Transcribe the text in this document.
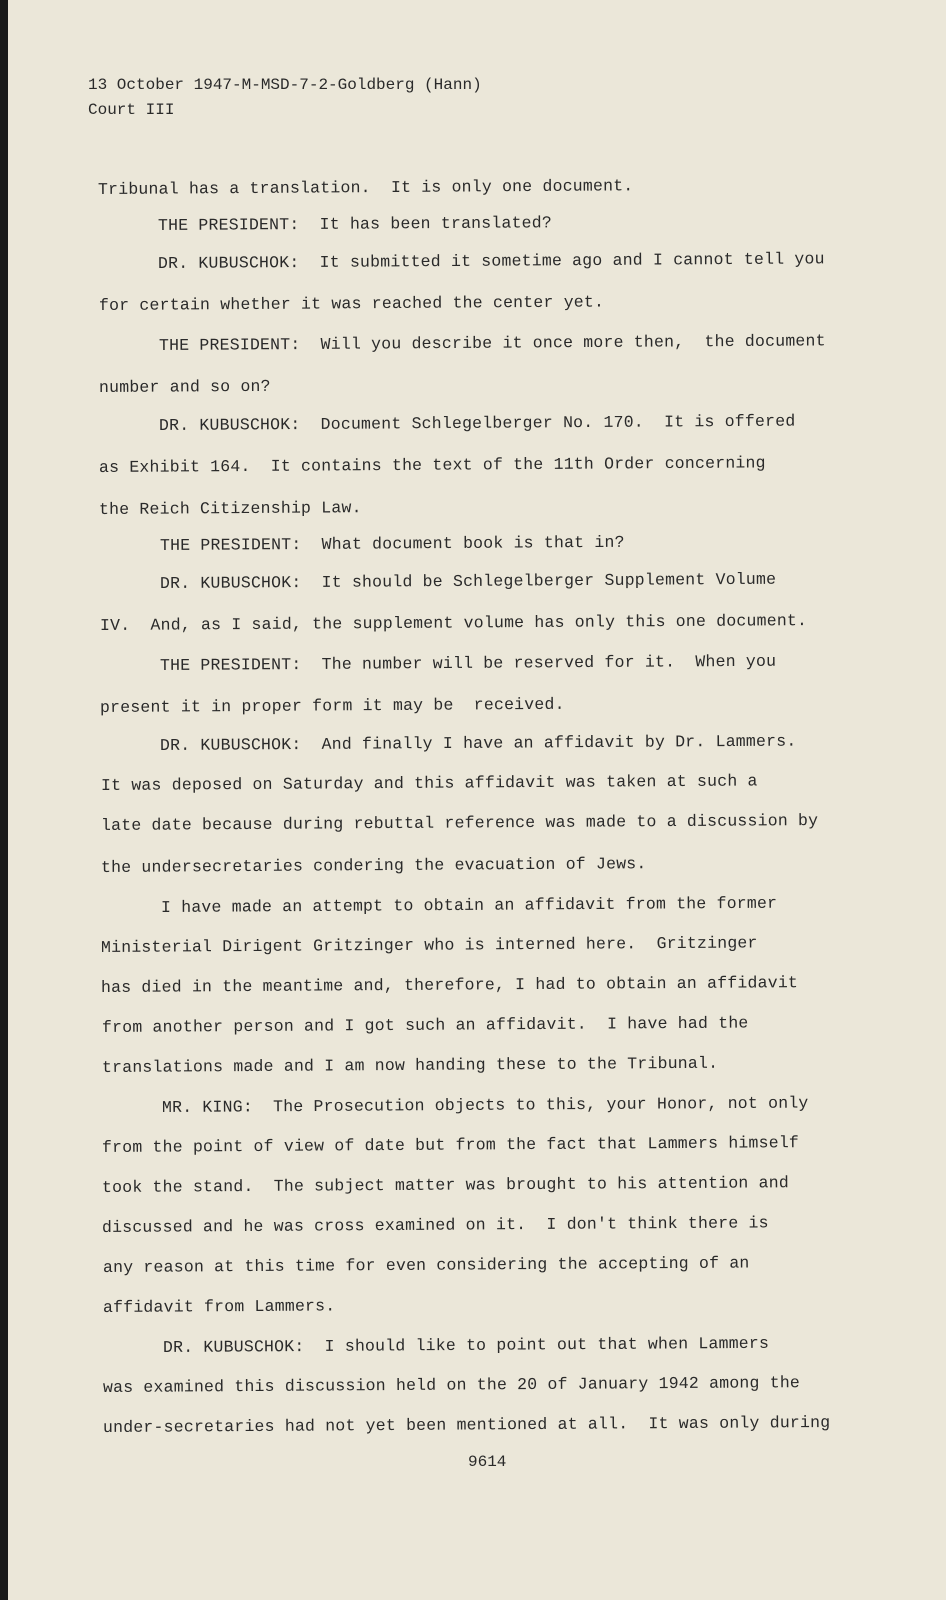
13 October 1947-M-MSD-7-2-Goldberg (Hann)
Court III
Tribunal has a translation.  It is only one document.
THE PRESIDENT:  It has been translated?
DR. KUBUSCHOK:  It submitted it sometime ago and I cannot tell you
for certain whether it was reached the center yet.
THE PRESIDENT:  Will you describe it once more then,  the document
number and so on?
DR. KUBUSCHOK:  Document Schlegelberger No. 170.  It is offered
as Exhibit 164.  It contains the text of the 11th Order concerning
the Reich Citizenship Law.
THE PRESIDENT:  What document book is that in?
DR. KUBUSCHOK:  It should be Schlegelberger Supplement Volume
IV.  And, as I said, the supplement volume has only this one document.
THE PRESIDENT:  The number will be reserved for it.  When you
present it in proper form it may be  received.
DR. KUBUSCHOK:  And finally I have an affidavit by Dr. Lammers.
It was deposed on Saturday and this affidavit was taken at such a
late date because during rebuttal reference was made to a discussion by
the undersecretaries condering the evacuation of Jews.
I have made an attempt to obtain an affidavit from the former
Ministerial Dirigent Gritzinger who is interned here.  Gritzinger
has died in the meantime and, therefore, I had to obtain an affidavit
from another person and I got such an affidavit.  I have had the
translations made and I am now handing these to the Tribunal.
MR. KING:  The Prosecution objects to this, your Honor, not only
from the point of view of date but from the fact that Lammers himself
took the stand.  The subject matter was brought to his attention and
discussed and he was cross examined on it.  I don't think there is
any reason at this time for even considering the accepting of an
affidavit from Lammers.
DR. KUBUSCHOK:  I should like to point out that when Lammers
was examined this discussion held on the 20 of January 1942 among the
under-secretaries had not yet been mentioned at all.  It was only during
9614
